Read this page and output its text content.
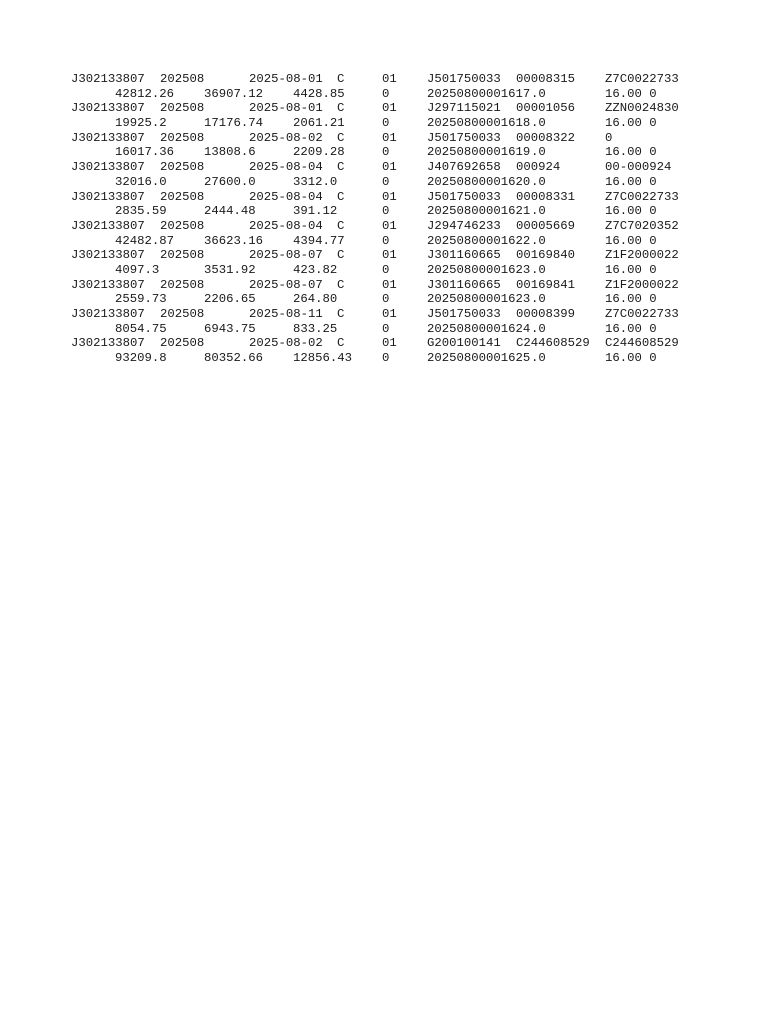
J302133807 202508	2025-08-01 C	01 J501750033 00008315 Z7C0022733
42812.26 36907.12 4428.85	0	20250800001617 .0	16.00 0
J302133807 202508	2025-08-01 C	01 J297115021 00001056 ZZN0024830
19925.2	17176.74 2061.21	0	20250800001618 .0	16.00 0
J302133807 202508	2025-08-02 C	01 J501750033 00008322 0
16017.36 13808.6	2209.28	0	20250800001619 .0	16.00 0
J302133807 202508	2025-08-04 C	01 J407692658 000924	00-000924
32016.0	27600.0	3312.0	0	20250800001620 .0	16.00 0
J302133807 202508	2025-08-04 C	01 J501750033 00008331 Z7C0022733
2835.59	2444.48	391.12	0	20250800001621 .0	16.00 0
J302133807 202508	2025-08-04 C	01 J294746233 00005669 Z7C7020352
42482.87 36623.16 4394.77	0	20250800001622 .0	16.00 0
J302133807 202508	2025-08-07 C	01 J301160665 00169840 Z1F2000022
4097.3	3531.92	423.82	0	20250800001623 .0	16.00 0
J302133807 202508	2025-08-07 C	01 J301160665 00169841 Z1F2000022
2559.73	2206.65	264.80	0	20250800001623 .0	16.00 0
J302133807 202508	2025-08-11 C	01 J501750033 00008399 Z7C0022733
8054.75	6943.75	833.25	0	20250800001624 .0	16.00 0
J302133807 202508	2025-08-02 C	01 G200100141 C244608529 C244608529
93209.8	80352.66 12856.43 0	20250800001625 .0	16.00 0
